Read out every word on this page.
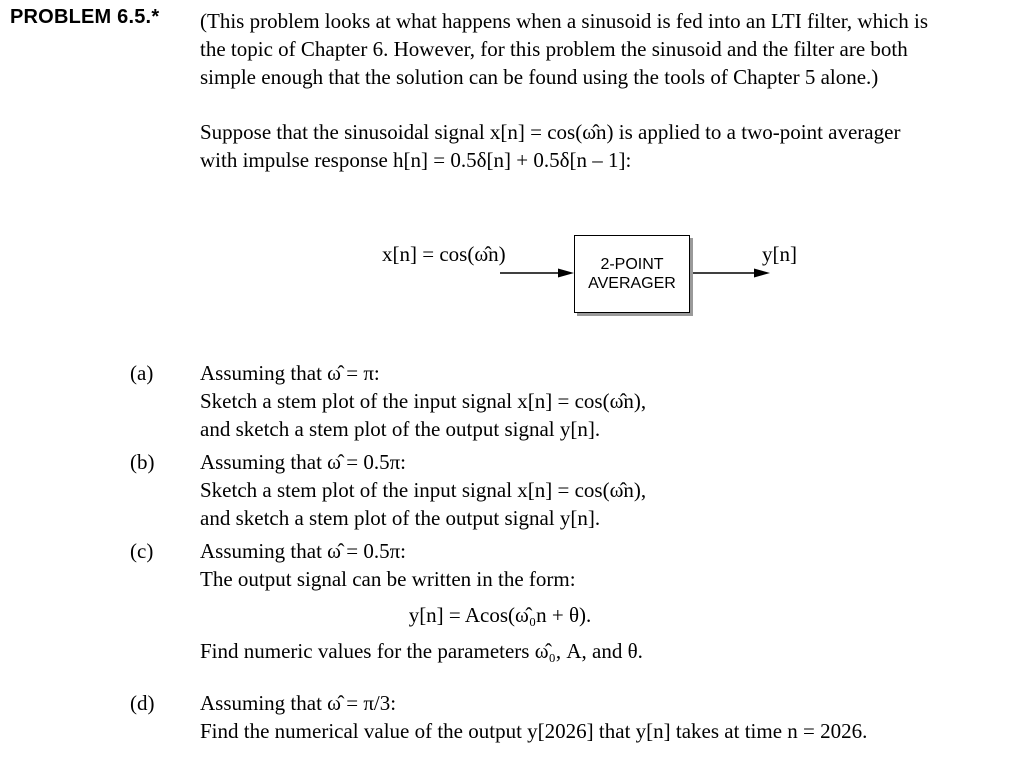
PROBLEM 6.5.* (This problem looks at what happens when a sinusoid is fed into an LTI filter, which is
the topic of Chapter 6. However, for this problem the sinusoid and the filter are both
simple enough that the solution can be found using the tools of Chapter 5 alone.)
Suppose that the sinusoidal signal x[n] = cos(ω̂n) is applied to a two-point averager
with impulse response h[n] = 0.5δ[n] + 0.5δ[n – 1]:
x[n] = cos(ω̂n)	2-POINT
AVERAGER
y[n]
(a) Assuming that ω̂ = π:
Sketch a stem plot of the input signal x[n] = cos(ω̂n),
and sketch a stem plot of the output signal y[n].
(b) Assuming that ω̂ = 0.5π:
Sketch a stem plot of the input signal x[n] = cos(ω̂n),
and sketch a stem plot of the output signal y[n].
(c) Assuming that ω̂ = 0.5π:
The output signal can be written in the form:
y[n] = Acos(ω̂₀n + θ).
Find numeric values for the parameters ω̂₀, A, and θ.
(d) Assuming that ω̂ = π/3:
Find the numerical value of the output y[2026] that y[n] takes at time n = 2026.
